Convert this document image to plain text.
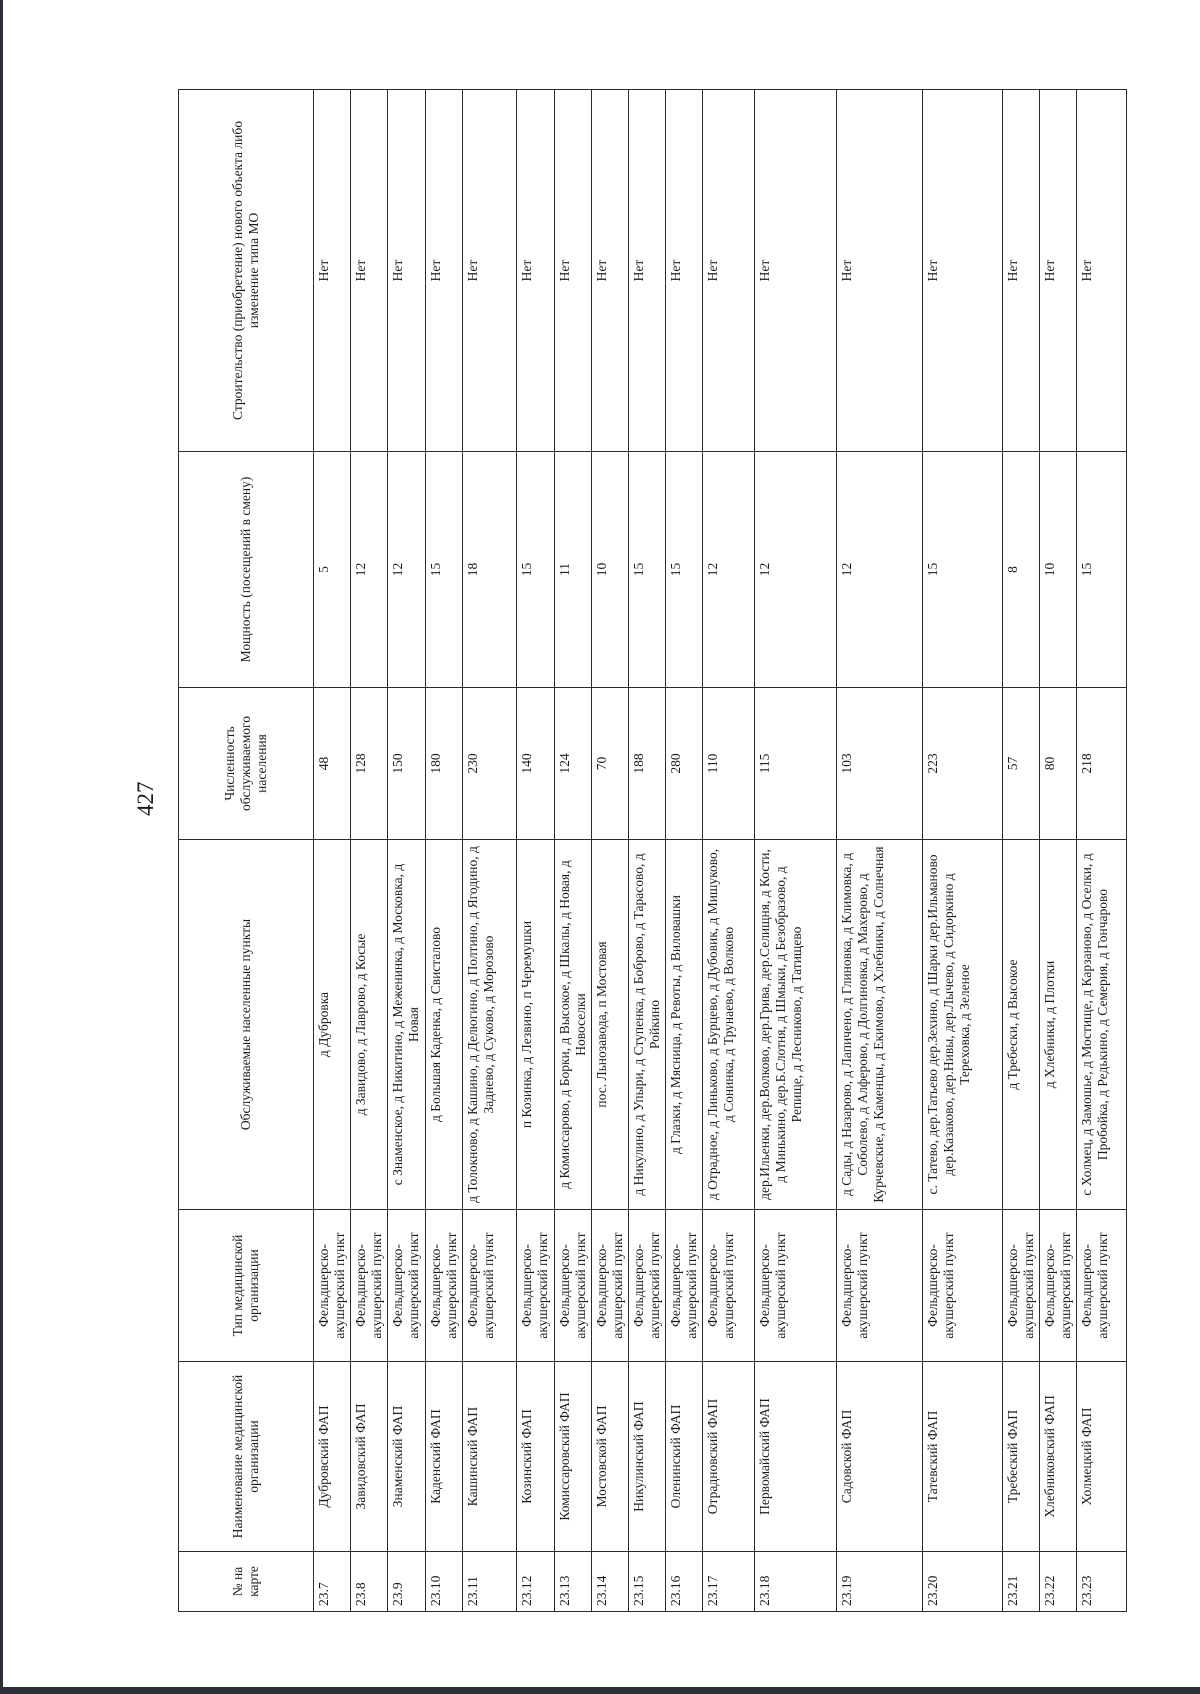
427
№ на карте	Наименование медицинской организации	Тип медицинской организации	Обслуживаемые населенные пункты	Численность обслуживаемого населения	Мощность (посещений в смену)	Строительство (приобретение) нового объекта либо изменение типа МО
23.7	Дубровский ФАП	Фельдшерско-акушерский пункт	д Дубровка	48	5	Нет
23.8	Завидовский ФАП	Фельдшерско-акушерский пункт	д Завидово, д Лаврово, д Косые	128	12	Нет
23.9	Знаменский ФАП	Фельдшерско-акушерский пункт	с Знаменское, д Никитино, д Меженинка, д Московка, д Новая	150	12	Нет
23.10	Каденский ФАП	Фельдшерско-акушерский пункт	д Большая Каденка, д Свисталово	180	15	Нет
23.11	Кашинский ФАП	Фельдшерско-акушерский пункт	д Толокново, д Кашино, д Делюгино, д Полтино, д Ягодино, д Заднево, д Суково, д Морозово	230	18	Нет
23.12	Козинский ФАП	Фельдшерско-акушерский пункт	п Козинка, д Лезвино, п Черемушки	140	15	Нет
23.13	Комиссаровский ФАП	Фельдшерско-акушерский пункт	д Комиссарово, д Борки, д Высокое, д Шкалы, д Новая, д Новоселки	124	11	Нет
23.14	Мостовской ФАП	Фельдшерско-акушерский пункт	пос. Льнозавода, п Мостовая	70	10	Нет
23.15	Никулинский ФАП	Фельдшерско-акушерский пункт	д Никулино, д Упыри, д Ступенка, д Боброво, д Тарасово, д Ройкино	188	15	Нет
23.16	Оленинский ФАП	Фельдшерско-акушерский пункт	д Глазки, д Мясница, д Ревоты, д Виловашки	280	15	Нет
23.17	Отрадновский ФАП	Фельдшерско-акушерский пункт	д Отрадное, д Линьково, д Бурцево, д Дубовик, д Мишуково, д Сонинка, д Трунаево, д Волково	110	12	Нет
23.18	Первомайский ФАП	Фельдшерско-акушерский пункт	дер.Ильенки, дер.Волково, дер.Грива, дер.Селищня, д Кости, д Минькино, дер.Б.Слотня, д Шмыки, д Безобразово, д Репище, д Лесниково, д Татищево	115	12	Нет
23.19	Садовской ФАП	Фельдшерско-акушерский пункт	д Сады, д Назарово, д Лапичено, д Глиновка, д Климовка, д Соболево, д Алферово, д Долгиновка, д Махерово, д Курчевские, д Каменцы, д Екимово, д Хлебники, д Солнечная	103	12	Нет
23.20	Татевский ФАП	Фельдшерско-акушерский пункт	с. Татево, дер.Татьево дер.Зехино, д Шарки дер.Ильманово дер.Казаково, дер.Нивы, дер.Лычево, д Сидоркино д Тереховка, д Зеленое	223	15	Нет
23.21	Требеский ФАП	Фельдшерско-акушерский пункт	д Требески, д Высокое	57	8	Нет
23.22	Хлебниковский ФАП	Фельдшерско-акушерский пункт	д Хлебники, д Плотки	80	10	Нет
23.23	Холмецкий ФАП	Фельдшерско-акушерский пункт	с Холмец, д Замошье, д Мостище, д Карзаново, д Оселки, д Пробойка, д Редькино, д Семерия, д Гончарово	218	15	Нет
